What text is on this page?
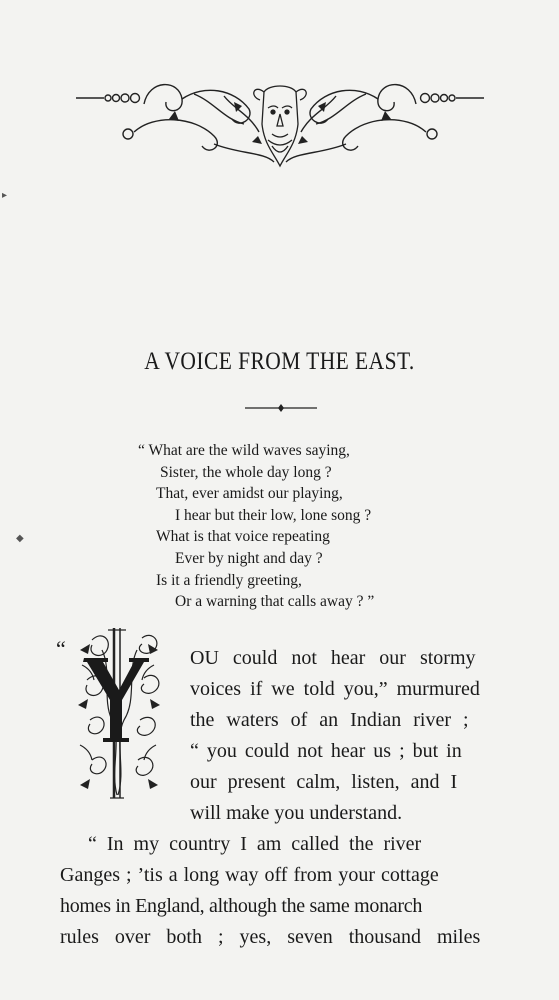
A VOICE FROM THE EAST.
“ What are the wild waves saying,
Sister, the whole day long ?
That, ever amidst our playing,
I hear but their low, lone song ?
What is that voice repeating
Ever by night and day ?
Is it a friendly greeting,
Or a warning that calls away ? ”
“
Y
OU could not hear our stormy
voices if we told you,” murmured
the waters of an Indian river ;
“ you could not hear us ; but in
our present calm, listen, and I
will make you understand.
“ In my country I am called the river
Ganges ; ’tis a long way off from your cottage
homes in England, although the same monarch
rules over both ; yes, seven thousand miles
▸
◆
